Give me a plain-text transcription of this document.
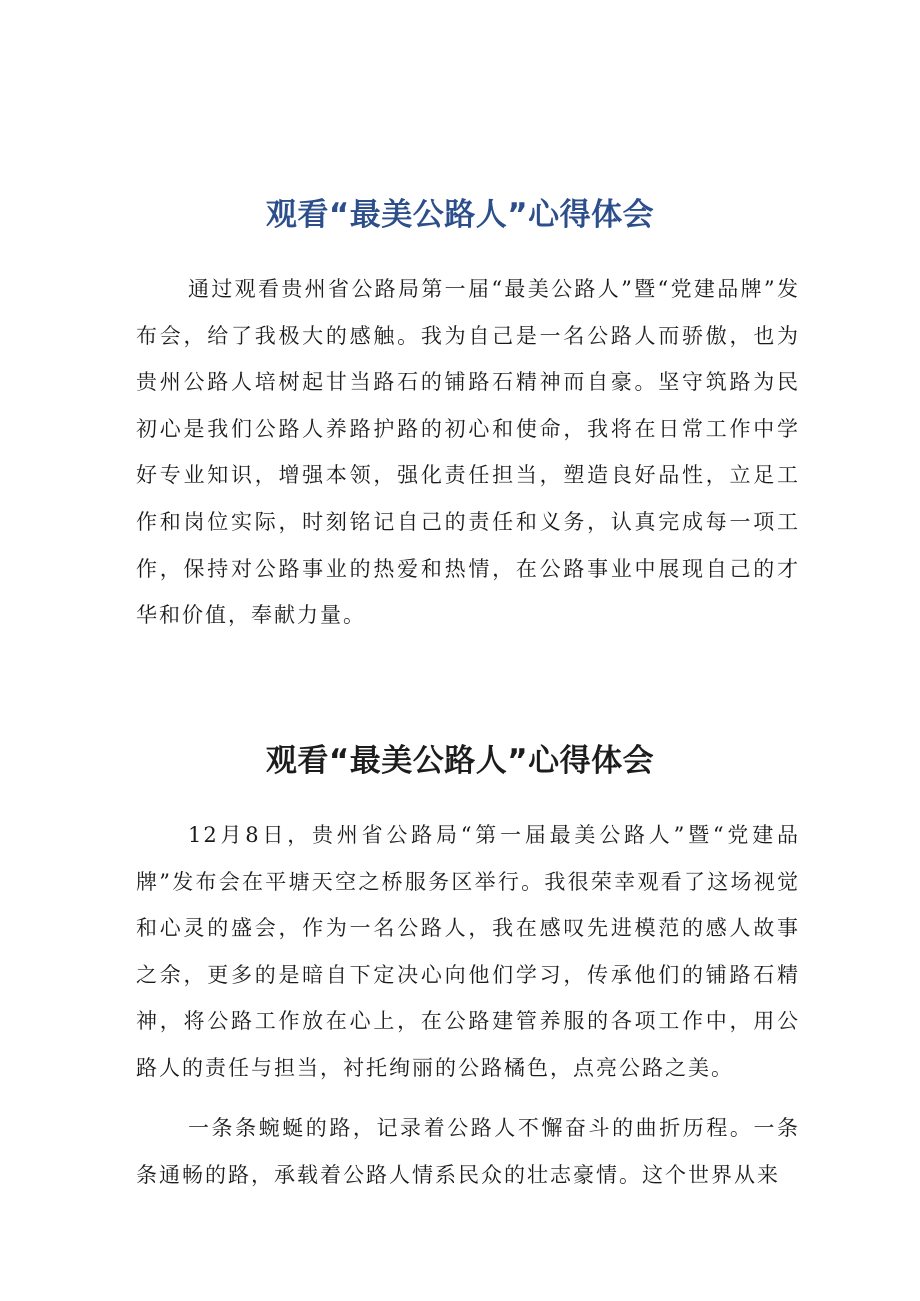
观看“最美公路人”心得体会

通过观看贵州省公路局第一届“最美公路人”暨“党建品牌”发布会，给了我极大的感触。我为自己是一名公路人而骄傲，也为贵州公路人培树起甘当路石的铺路石精神而自豪。坚守筑路为民初心是我们公路人养路护路的初心和使命，我将在日常工作中学好专业知识，增强本领，强化责任担当，塑造良好品性，立足工作和岗位实际，时刻铭记自己的责任和义务，认真完成每一项工作，保持对公路事业的热爱和热情，在公路事业中展现自己的才华和价值，奉献力量。

观看“最美公路人”心得体会

12月8日，贵州省公路局“第一届最美公路人”暨“党建品牌”发布会在平塘天空之桥服务区举行。我很荣幸观看了这场视觉和心灵的盛会，作为一名公路人，我在感叹先进模范的感人故事之余，更多的是暗自下定决心向他们学习，传承他们的铺路石精神，将公路工作放在心上，在公路建管养服的各项工作中，用公路人的责任与担当，衬托绚丽的公路橘色，点亮公路之美。

一条条蜿蜒的路，记录着公路人不懈奋斗的曲折历程。一条条通畅的路，承载着公路人情系民众的壮志豪情。这个世界从来
